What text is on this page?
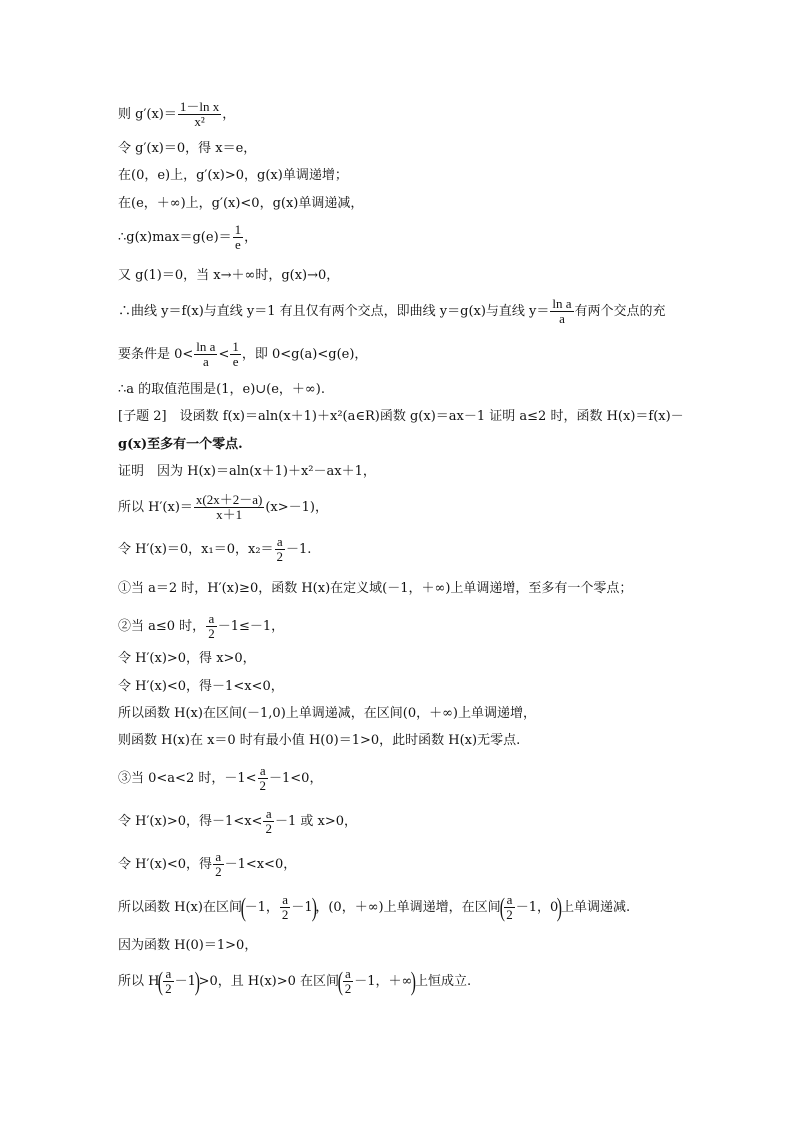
则 $g'(x)= \frac{\text{1－ln x}}{\text{x²}}$ ，
令 g′(x)＝0，得 x＝e，
在(0，e)上，g′(x)>0，g(x)单调递增；
在(e，＋∞)上，g′(x)<0，g(x)单调递减，
∴g(x)max＝g(e)＝ $\frac{1}{e}$ ，
又 g(1)＝0，当 x→＋∞时，g(x)→0，
∴曲线 y＝f(x)与直线 y＝1 有且仅有两个交点，即曲线 y＝g(x)与直线 $y= \frac{\text{ln a}}{a}$ 有两个交点的充
要条件是 $0< \frac{\text{ln a}}{a} < \frac{1}{e}$ ，即 0<g(a)<g(e)，
∴a 的取值范围是(1，e)∪(e，＋∞).
[子题 2]　设函数 f(x)＝aln(x＋1)＋x²(a∈R)函数 g(x)＝ax－1 证明 a≤2 时，函数 H(x)＝f(x)－
g(x)至多有一个零点.
证明　因为 H(x)＝aln(x＋1)＋x²－ax＋1，
所以 $H'(x)= \frac{x(2x+2-a)}{x+1} (x>-1)$，
令 H′(x)＝0，x₁＝0，$x_2= \frac{a}{2} -1$.
①当 a＝2 时，H′(x)≥0，函数 H(x)在定义域(－1，＋∞)上单调递增，至多有一个零点；
②当 a≤0 时， $\frac{a}{2} -1\le-1$，
令 H′(x)>0，得 x>0，
令 H′(x)<0，得－1<x<0，
所以函数 H(x)在区间(－1,0)上单调递减，在区间(0，＋∞)上单调递增，
则函数 H(x)在 x＝0 时有最小值 H(0)＝1>0，此时函数 H(x)无零点.
③当 0<a<2 时，$-1< \frac{a}{2} -1<0$，
令 H′(x)>0，得$-1<x< \frac{a}{2} -1$ 或 x>0，
令 H′(x)<0，得 $\frac{a}{2} -1<x<0$，
所以函数 H(x)在区间(－1， $\frac{a}{2} -1$)，(0，＋∞)上单调递增，在区间( $\frac{a}{2} -1$，0)上单调递减.
因为函数 H(0)＝1>0，
所以 $H( \frac{a}{2} -1)>0$，且 H(x)>0 在区间( $\frac{a}{2} -1$，＋∞)上恒成立.
